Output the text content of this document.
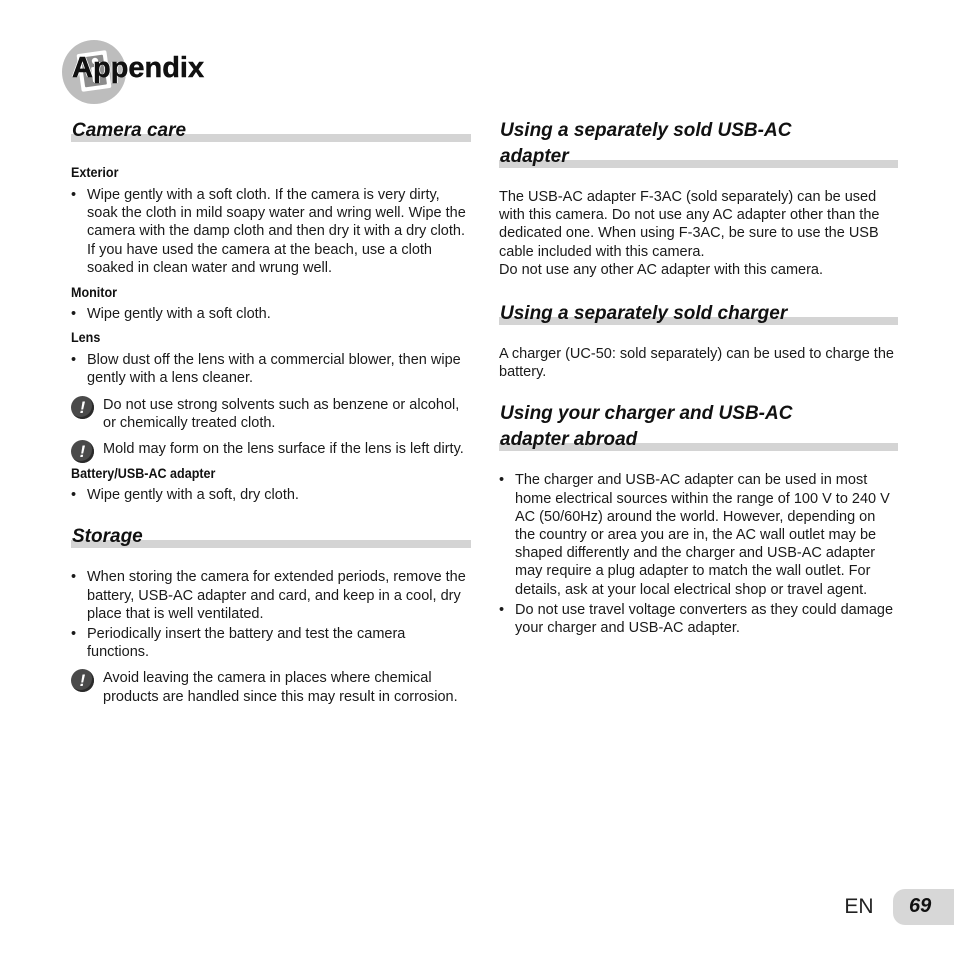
Appendix
Camera care
Exterior
• Wipe gently with a soft cloth. If the camera is very dirty, soak the cloth in mild soapy water and wring well. Wipe the camera with the damp cloth and then dry it with a dry cloth. If you have used the camera at the beach, use a cloth soaked in clean water and wrung well.
Monitor
• Wipe gently with a soft cloth.
Lens
• Blow dust off the lens with a commercial blower, then wipe gently with a lens cleaner.
!	Do not use strong solvents such as benzene or alcohol, or chemically treated cloth.
!	Mold may form on the lens surface if the lens is left dirty.
Battery/USB-AC adapter
• Wipe gently with a soft, dry cloth.
Storage
• When storing the camera for extended periods, remove the battery, USB-AC adapter and card, and keep in a cool, dry place that is well ventilated.
• Periodically insert the battery and test the camera functions.
!	Avoid leaving the camera in places where chemical products are handled since this may result in corrosion.
Using a separately sold USB-AC
adapter

The USB-AC adapter F-3AC (sold separately) can be used with this camera. Do not use any AC adapter other than the dedicated one. When using F-3AC, be sure to use the USB cable included with this camera.

Do not use any other AC adapter with this camera.

Using a separately sold charger

A charger (UC-50: sold separately) can be used to charge the battery.

Using your charger and USB-AC
adapter abroad
• The charger and USB-AC adapter can be used in most home electrical sources within the range of 100 V to 240 V AC (50/60Hz) around the world. However, depending on the country or area you are in, the AC wall outlet may be shaped differently and the charger and USB-AC adapter may require a plug adapter to match the wall outlet. For details, ask at your local electrical shop or travel agent.
• Do not use travel voltage converters as they could damage your charger and USB-AC adapter.
EN	69
